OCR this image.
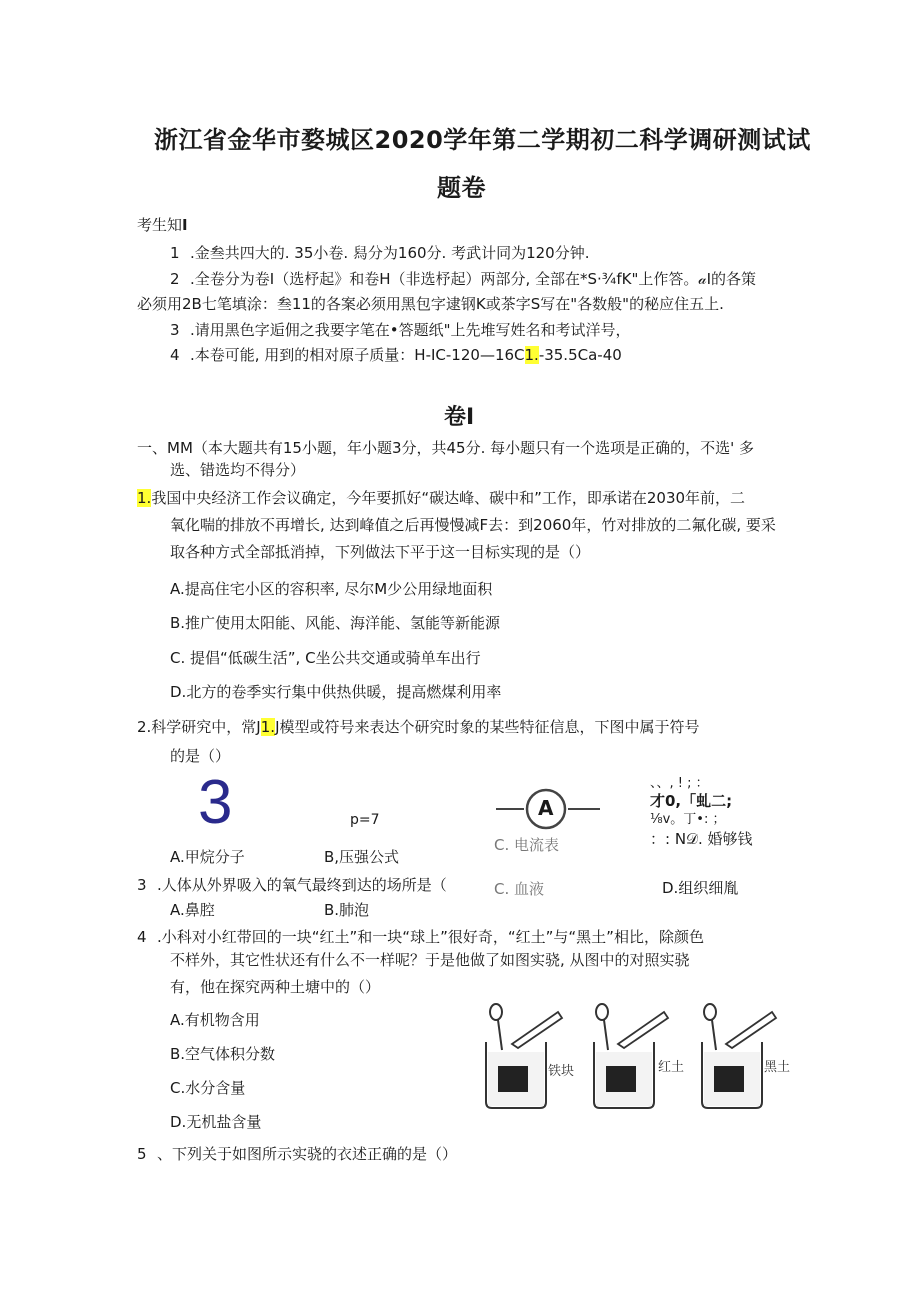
浙江省金华市婺城区2020学年第二学期初二科学调研测试试
题卷
考生知I
1 .金叁共四大的. 35小卷. 舄分为160分. 考武计同为120分钟.
2 .全卷分为卷I（选杼起》和卷H（非选杼起）两部分, 全部在*S·¾fK"上作答。𝒶I的各策
必须用2B七笔填涂：叁11的各案必须用黑包字逮钢K或茶字S写在"各数般"的秘应住五上.
3 .请用黑色字逅佣之我要字笔在•答题纸"上先堆写姓名和考试洋号，
4 .本卷可能, 用到的相对原子质量：H-IC-120—16C1.-35.5Ca-40
卷I
一、MM（本大题共有15小题，年小题3分，共45分. 每小题只有一个选项是正确的，不选' 多
选、错选均不得分）
1.我国中央经济工作会议确定，今年要抓好“碳达峰、碳中和”工作，即承诺在2030年前，二
氧化喘的排放不再增长, 达到峰值之后再慢慢减F去：到2060年，竹对排放的二氟化碳, 要采
取各种方式全部抵消掉，下列做法下平于这一目标实现的是（）
A.提高住宅小区的容积率, 尽尔M少公用绿地面积
B.推广使用太阳能、风能、海洋能、氢能等新能源
C. 提倡“低碳生活”, C坐公共交通或骑单车出行
D.北方的卷季实行集中供热供暖，提高燃煤利用率
2.科学研究中，常J1.J模型或符号来表达个研究时象的某些特征信息，下图中属于符号
的是（）
3	p=7	A
C. 电流表
、、, ! ; ：
才0,「虬二;
⅛v。丁•: ；
：: N𝒟. 婚够钱
A.甲烷分子	B,压强公式
3 .人体从外界吸入的氧气最终到达的场所是（	C. 血液	D.组织细胤
A.鼻腔	B.肺泡
4 .小科对小红带回的一块“红土”和一块“球上”很好奇，“红土”与“黑土”相比，除颜色
不样外，其它性状还有什么不一样呢？于是他做了如图实骁, 从图中的对照实骁
有，他在探究两种土塘中的（）
A.有机物含用
B.空气体积分数
C.水分含量
D.无机盐含量
铁块	红土	黑土
5 、下列关于如图所示实骁的衣述正确的是（）
